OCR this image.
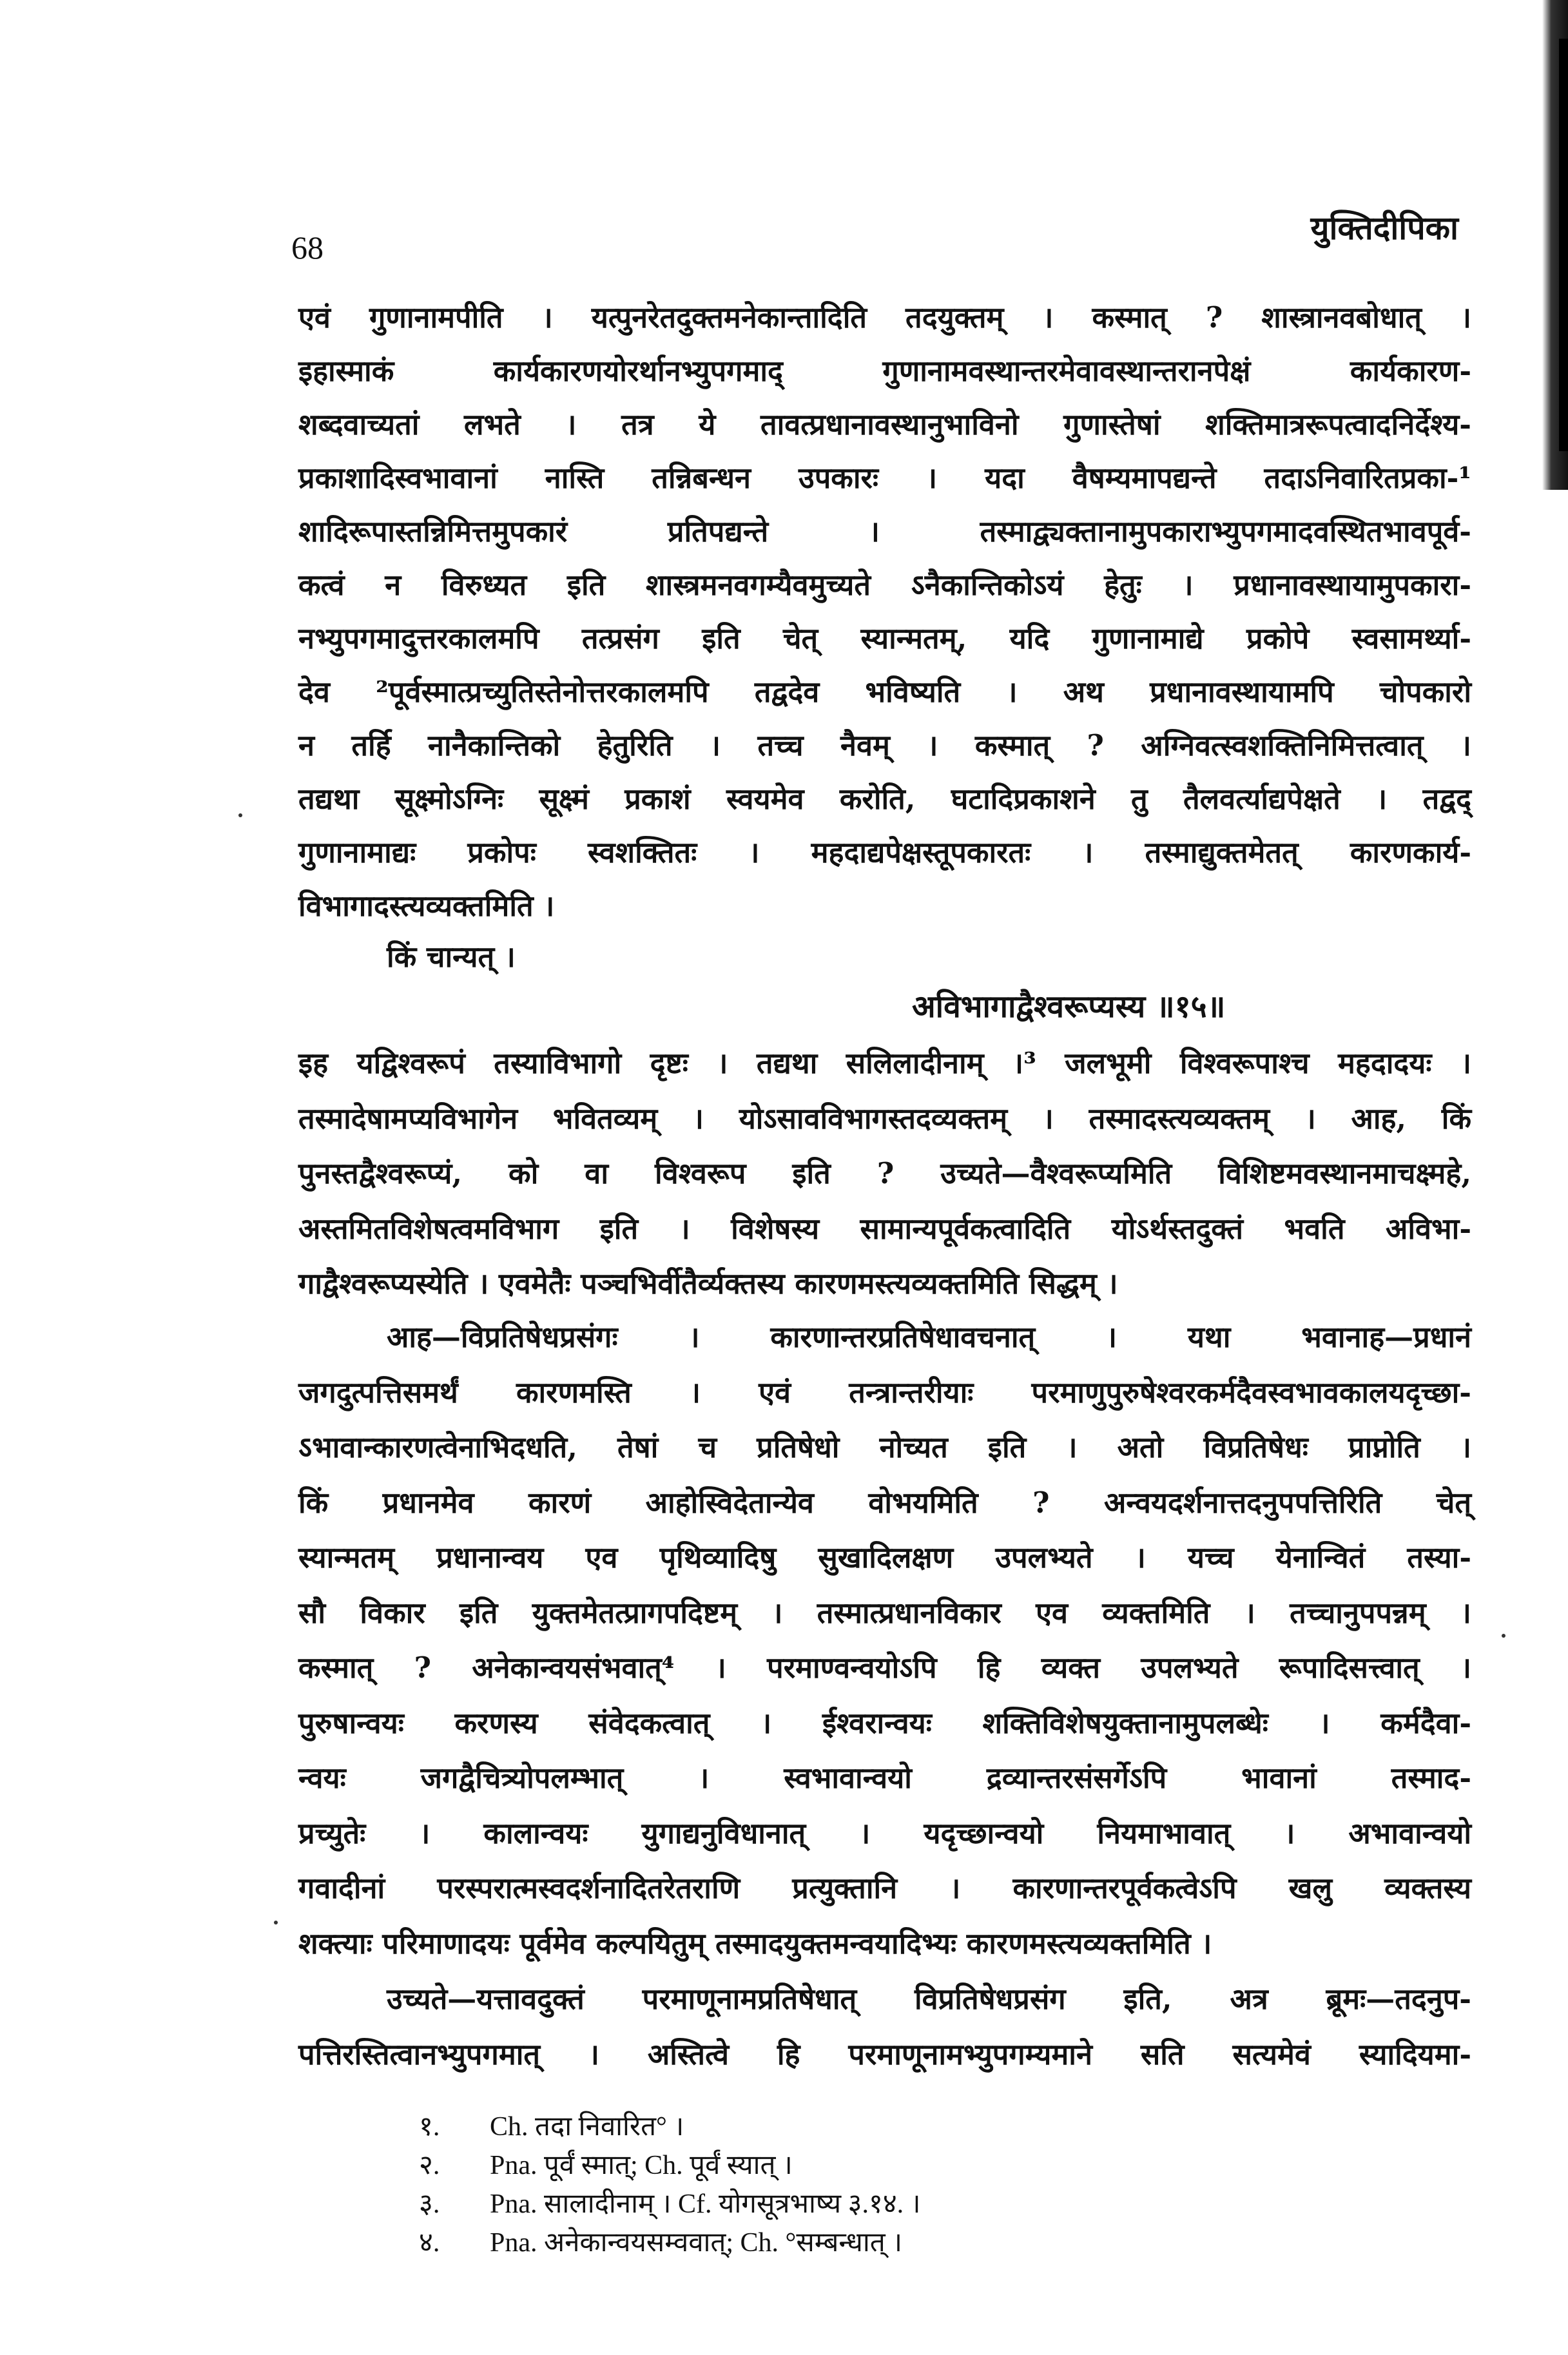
68
युक्तिदीपिका
एवं गुणानामपीति । यत्पुनरेतदुक्तमनेकान्तादिति तदयुक्तम् । कस्मात् ? शास्त्रानवबोधात् ।
इहास्माकं कार्यकारणयोरर्थानभ्युपगमाद् गुणानामवस्थान्तरमेवावस्थान्तरानपेक्षं कार्यकारण-
शब्दवाच्यतां लभते । तत्र ये तावत्प्रधानावस्थानुभाविनो गुणास्तेषां शक्तिमात्ररूपत्वादनिर्देश्य-
प्रकाशादिस्वभावानां नास्ति तन्निबन्धन उपकारः । यदा वैषम्यमापद्यन्ते तदाऽनिवारितप्रका-¹
शादिरूपास्तन्निमित्तमुपकारं प्रतिपद्यन्ते । तस्माद्व्यक्तानामुपकाराभ्युपगमादवस्थितभावपूर्व-
कत्वं न विरुध्यत इति शास्त्रमनवगम्यैवमुच्यते ऽनैकान्तिकोऽयं हेतुः । प्रधानावस्थायामुपकारा-
नभ्युपगमादुत्तरकालमपि तत्प्रसंग इति चेत् स्यान्मतम्, यदि गुणानामाद्ये प्रकोपे स्वसामर्थ्या-
देव ²पूर्वस्मात्प्रच्युतिस्तेनोत्तरकालमपि तद्वदेव भविष्यति । अथ प्रधानावस्थायामपि चोपकारो
न तर्हि नानैकान्तिको हेतुरिति । तच्च नैवम् । कस्मात् ? अग्निवत्स्वशक्तिनिमित्तत्वात् ।
तद्यथा सूक्ष्मोऽग्निः सूक्ष्मं प्रकाशं स्वयमेव करोति, घटादिप्रकाशने तु तैलवर्त्याद्यपेक्षते । तद्वद्
गुणानामाद्यः प्रकोपः स्वशक्तितः । महदाद्यपेक्षस्तूपकारतः । तस्माद्युक्तमेतत् कारणकार्य-
विभागादस्त्यव्यक्तमिति ।
इह यद्विश्वरूपं तस्याविभागो दृष्टः । तद्यथा सलिलादीनाम् ।³ जलभूमी विश्वरूपाश्च महदादयः ।
तस्मादेषामप्यविभागेन भवितव्यम् । योऽसावविभागस्तदव्यक्तम् । तस्मादस्त्यव्यक्तम् । आह, किं
पुनस्तद्वैश्वरूप्यं, को वा विश्वरूप इति ? उच्यते—वैश्वरूप्यमिति विशिष्टमवस्थानमाचक्ष्महे,
अस्तमितविशेषत्वमविभाग इति । विशेषस्य सामान्यपूर्वकत्वादिति योऽर्थस्तदुक्तं भवति अविभा-
गाद्वैश्वरूप्यस्येति । एवमेतैः पञ्चभिर्वीतैर्व्यक्तस्य कारणमस्त्यव्यक्तमिति सिद्धम् ।
आह—विप्रतिषेधप्रसंगः । कारणान्तरप्रतिषेधावचनात् । यथा भवानाह—प्रधानं
जगदुत्पत्तिसमर्थं कारणमस्ति । एवं तन्त्रान्तरीयाः परमाणुपुरुषेश्वरकर्मदैवस्वभावकालयदृच्छा-
ऽभावान्कारणत्वेनाभिदधति, तेषां च प्रतिषेधो नोच्यत इति । अतो विप्रतिषेधः प्राप्नोति ।
किं प्रधानमेव कारणं आहोस्विदेतान्येव वोभयमिति ? अन्वयदर्शनात्तदनुपपत्तिरिति चेत्
स्यान्मतम् प्रधानान्वय एव पृथिव्यादिषु सुखादिलक्षण उपलभ्यते । यच्च येनान्वितं तस्या-
सौ विकार इति युक्तमेतत्प्रागपदिष्टम् । तस्मात्प्रधानविकार एव व्यक्तमिति । तच्चानुपपन्नम् ।
कस्मात् ? अनेकान्वयसंभवात्⁴ । परमाण्वन्वयोऽपि हि व्यक्त उपलभ्यते रूपादिसत्त्वात् ।
पुरुषान्वयः करणस्य संवेदकत्वात् । ईश्वरान्वयः शक्तिविशेषयुक्तानामुपलब्धेः । कर्मदैवा-
न्वयः जगद्वैचित्र्योपलम्भात् । स्वभावान्वयो द्रव्यान्तरसंसर्गेऽपि भावानां तस्माद-
प्रच्युतेः । कालान्वयः युगाद्यनुविधानात् । यदृच्छान्वयो नियमाभावात् । अभावान्वयो
गवादीनां परस्परात्मस्वदर्शनादितरेतराणि प्रत्युक्तानि । कारणान्तरपूर्वकत्वेऽपि खलु व्यक्तस्य
शक्त्याः परिमाणादयः पूर्वमेव कल्पयितुम् तस्मादयुक्तमन्वयादिभ्यः कारणमस्त्यव्यक्तमिति ।
उच्यते—यत्तावदुक्तं परमाणूनामप्रतिषेधात् विप्रतिषेधप्रसंग इति, अत्र ब्रूमः—तदनुप-
पत्तिरस्तित्वानभ्युपगमात् । अस्तित्वे हि परमाणूनामभ्युपगम्यमाने सति सत्यमेवं स्यादियमा-
किं चान्यत् ।
अविभागाद्वैश्वरूप्यस्य ॥१५॥
१. Ch. तदा निवारित° ।
२. Pna. पूर्वं स्मात्; Ch. पूर्वं स्यात् ।
३. Pna. सालादीनाम् । Cf. योगसूत्रभाष्य ३.१४. ।
४. Pna. अनेकान्वयसम्ववात्; Ch. °सम्बन्धात् ।
